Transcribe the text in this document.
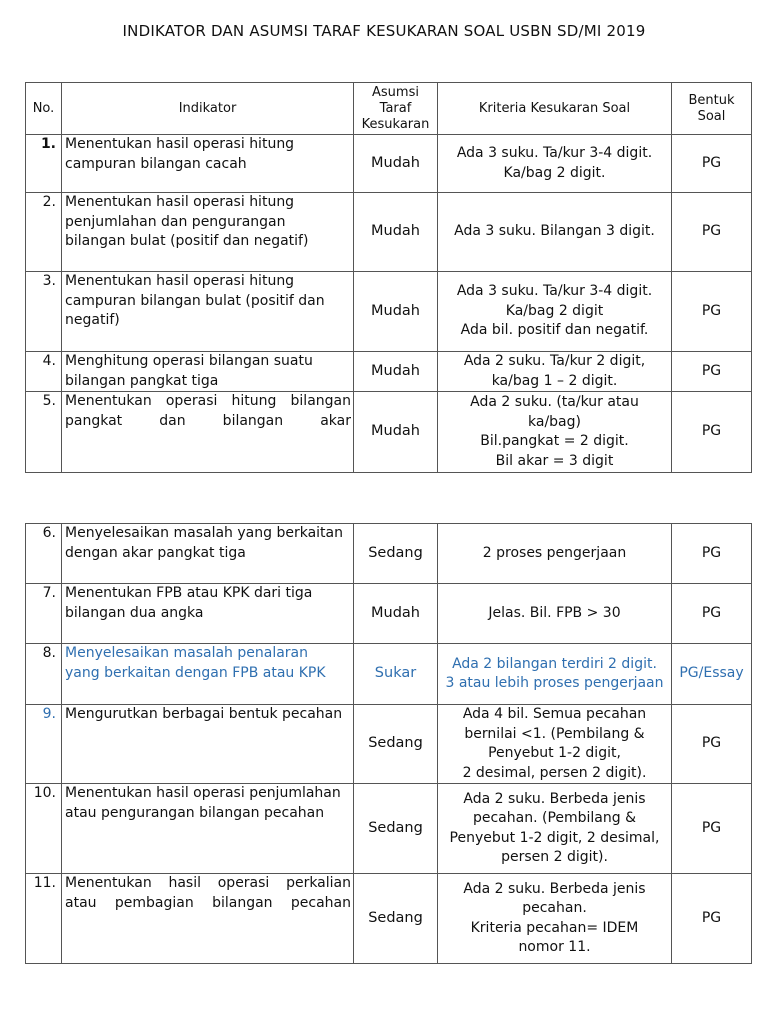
INDIKATOR DAN ASUMSI TARAF KESUKARAN SOAL USBN SD/MI 2019
No.	Indikator	Asumsi
Taraf
Kesukaran	Kriteria Kesukaran Soal	Bentuk
Soal

1.	Menentukan hasil operasi hitung
campuran bilangan cacah	Mudah	Ada 3 suku. Ta/kur 3-4 digit.
Ka/bag 2 digit.	PG
2.	Menentukan hasil operasi hitung
penjumlahan dan pengurangan
bilangan bulat (positif dan negatif)	Mudah	Ada 3 suku. Bilangan 3 digit.	PG
3.	Menentukan hasil operasi hitung
campuran bilangan bulat (positif dan
negatif)	Mudah	Ada 3 suku. Ta/kur 3-4 digit.
Ka/bag 2 digit
Ada bil. positif dan negatif.	PG
4.	Menghitung operasi bilangan suatu
bilangan pangkat tiga	Mudah	Ada 2 suku. Ta/kur 2 digit,
ka/bag 1 – 2 digit.	PG
5.	Menentukan operasi hitung bilangan
pangkat dan bilangan akar	Mudah	Ada 2 suku. (ta/kur atau
ka/bag)
Bil.pangkat = 2 digit.
Bil akar = 3 digit	PG
6.	Menyelesaikan masalah yang berkaitan
dengan akar pangkat tiga	Sedang	2 proses pengerjaan	PG
7.	Menentukan FPB atau KPK dari tiga
bilangan dua angka	Mudah	Jelas. Bil. FPB > 30	PG
8.	Menyelesaikan masalah penalaran
yang berkaitan dengan FPB atau KPK	Sukar	Ada 2 bilangan terdiri 2 digit.
3 atau lebih proses pengerjaan	PG/Essay
9.	Mengurutkan berbagai bentuk pecahan	Sedang	Ada 4 bil. Semua pecahan
bernilai <1. (Pembilang &
Penyebut 1-2 digit,
2 desimal, persen 2 digit).	PG
10.	Menentukan hasil operasi penjumlahan
atau pengurangan bilangan pecahan	Sedang	Ada 2 suku. Berbeda jenis
pecahan. (Pembilang &
Penyebut 1-2 digit, 2 desimal,
persen 2 digit).	PG
11.	Menentukan hasil operasi perkalian
atau pembagian bilangan pecahan	Sedang	Ada 2 suku. Berbeda jenis
pecahan.
Kriteria pecahan= IDEM
nomor 11.	PG
